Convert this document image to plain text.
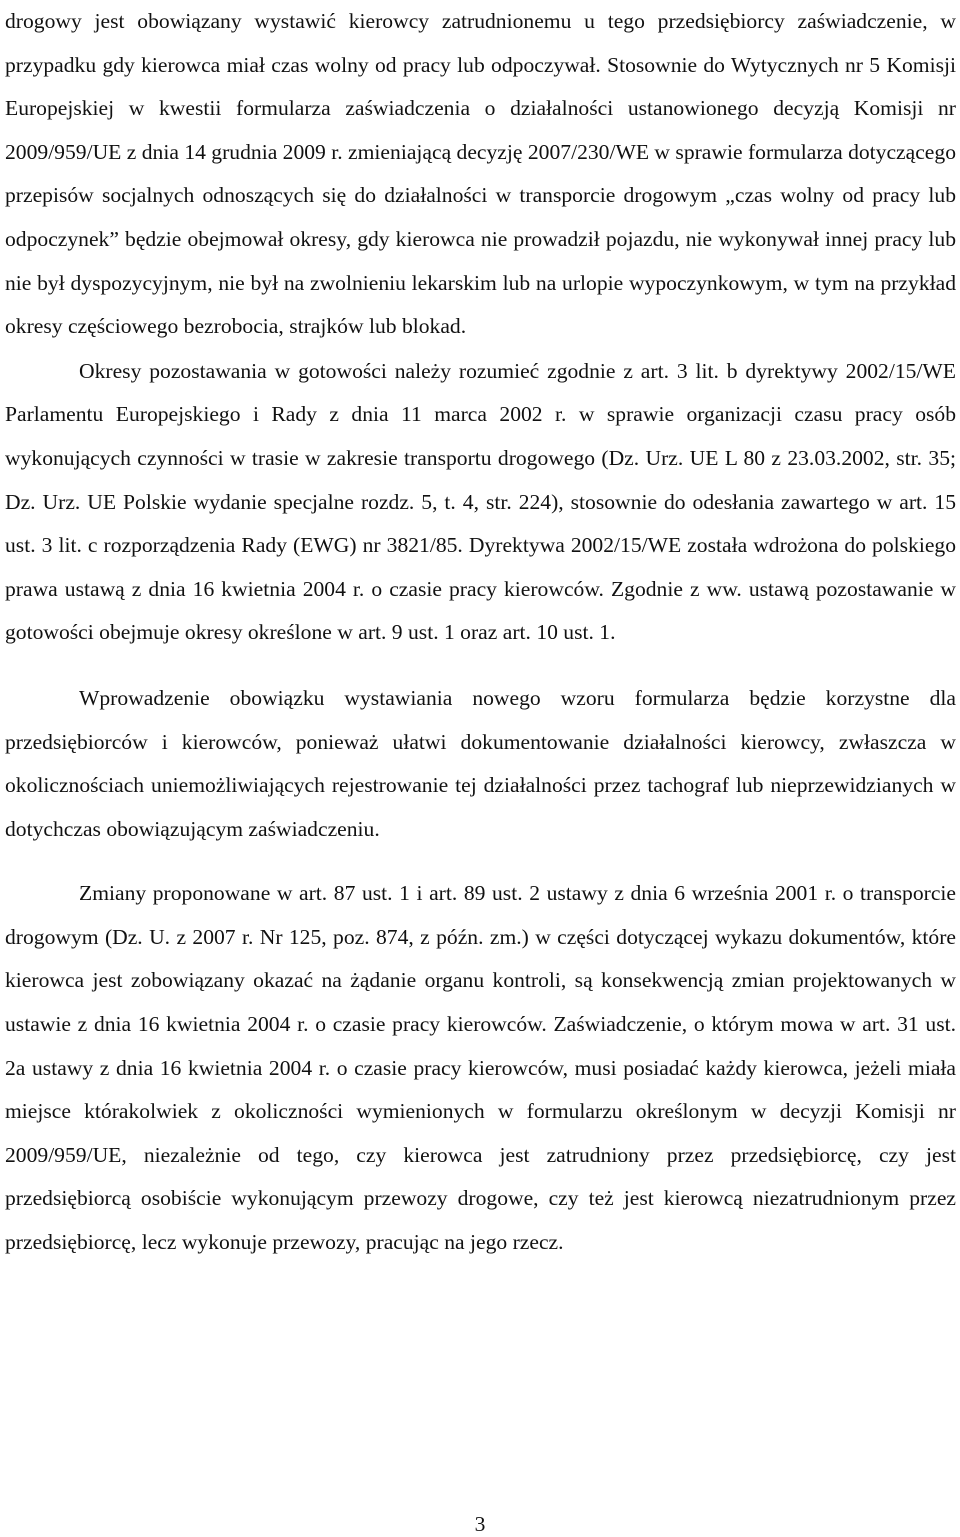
drogowy jest obowiązany wystawić kierowcy zatrudnionemu u tego przedsiębiorcy zaświadczenie, w przypadku gdy kierowca miał czas wolny od pracy lub odpoczywał. Stosownie do Wytycznych nr 5 Komisji Europejskiej w kwestii formularza zaświadczenia o działalności ustanowionego decyzją Komisji nr 2009/959/UE z dnia 14 grudnia 2009 r. zmieniającą decyzję 2007/230/WE w sprawie formularza dotyczącego przepisów socjalnych odnoszących się do działalności w transporcie drogowym „czas wolny od pracy lub odpoczynek” będzie obejmował okresy, gdy kierowca nie prowadził pojazdu, nie wykonywał innej pracy lub nie był dyspozycyjnym, nie był na zwolnieniu lekarskim lub na urlopie wypoczynkowym, w tym na przykład okresy częściowego bezrobocia, strajków lub blokad.

Okresy pozostawania w gotowości należy rozumieć zgodnie z art. 3 lit. b dyrektywy 2002/15/WE Parlamentu Europejskiego i Rady z dnia 11 marca 2002 r. w sprawie organizacji czasu pracy osób wykonujących czynności w trasie w zakresie transportu drogowego (Dz. Urz. UE L 80 z 23.03.2002, str. 35; Dz. Urz. UE Polskie wydanie specjalne rozdz. 5, t. 4, str. 224), stosownie do odesłania zawartego w art. 15 ust. 3 lit. c rozporządzenia Rady (EWG) nr 3821/85. Dyrektywa 2002/15/WE została wdrożona do polskiego prawa ustawą z dnia 16 kwietnia 2004 r. o czasie pracy kierowców. Zgodnie z ww. ustawą pozostawanie w gotowości obejmuje okresy określone w art. 9 ust. 1 oraz art. 10 ust. 1.

Wprowadzenie obowiązku wystawiania nowego wzoru formularza będzie korzystne dla przedsiębiorców i kierowców, ponieważ ułatwi dokumentowanie działalności kierowcy, zwłaszcza w okolicznościach uniemożliwiających rejestrowanie tej działalności przez tachograf lub nieprzewidzianych w dotychczas obowiązującym zaświadczeniu.

Zmiany proponowane w art. 87 ust. 1 i art. 89 ust. 2 ustawy z dnia 6 września 2001 r. o transporcie drogowym (Dz. U. z 2007 r. Nr 125, poz. 874, z późn. zm.) w części dotyczącej wykazu dokumentów, które kierowca jest zobowiązany okazać na żądanie organu kontroli, są konsekwencją zmian projektowanych w ustawie z dnia 16 kwietnia 2004 r. o czasie pracy kierowców. Zaświadczenie, o którym mowa w art. 31 ust. 2a ustawy z dnia 16 kwietnia 2004 r. o czasie pracy kierowców, musi posiadać każdy kierowca, jeżeli miała miejsce którakolwiek z okoliczności wymienionych w formularzu określonym w decyzji Komisji nr 2009/959/UE, niezależnie od tego, czy kierowca jest zatrudniony przez przedsiębiorcę, czy jest przedsiębiorcą osobiście wykonującym przewozy drogowe, czy też jest kierowcą niezatrudnionym przez przedsiębiorcę, lecz wykonuje przewozy, pracując na jego rzecz.

3
